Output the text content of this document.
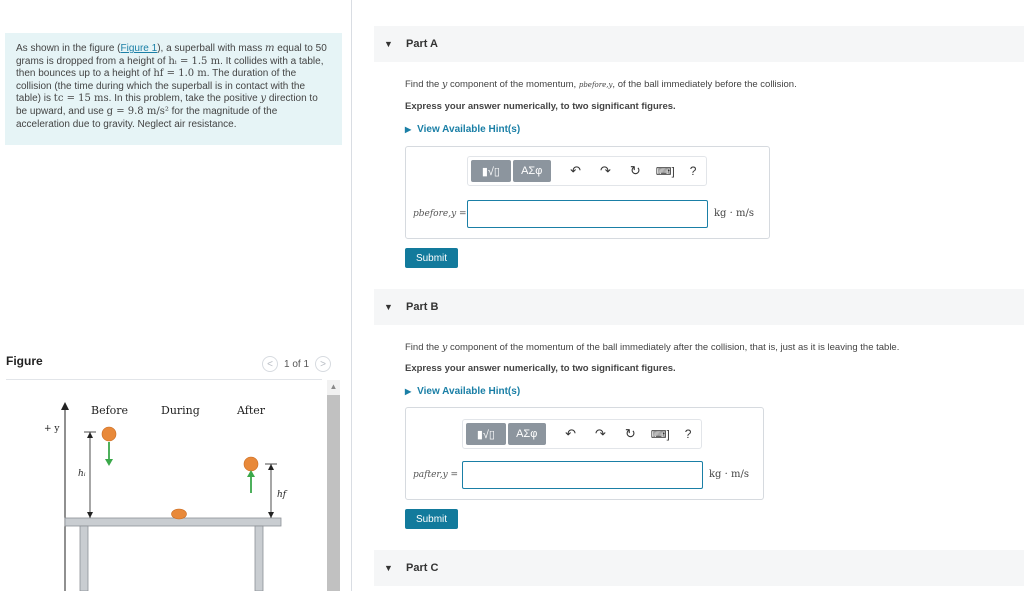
As shown in the figure (Figure 1), a superball with mass m equal to 50 grams is dropped from a height of hᵢ = 1.5 m. It collides with a table, then bounces up to a height of hf = 1.0 m. The duration of the collision (the time during which the superball is in contact with the table) is tc = 15 ms. In this problem, take the positive y direction to be upward, and use g = 9.8 m/s² for the magnitude of the acceleration due to gravity. Neglect air resistance.
Figure	<	1 of 1	>
+ y
Before	During	After
hᵢ
hf
▲
▼ Part A
Find the y component of the momentum, pbefore,y, of the ball immediately before the collision.
Express your answer numerically, to two significant figures.
▶ View Available Hint(s)
▮√▯	ΑΣφ	↶	↷	↻	⌨]	?
pbefore,y =	kg · m/s
Submit
▼ Part B
Find the y component of the momentum of the ball immediately after the collision, that is, just as it is leaving the table.
Express your answer numerically, to two significant figures.
▶ View Available Hint(s)
▮√▯	ΑΣφ	↶	↷	↻	⌨]	?
pafter,y =	kg · m/s
Submit
▼ Part C
